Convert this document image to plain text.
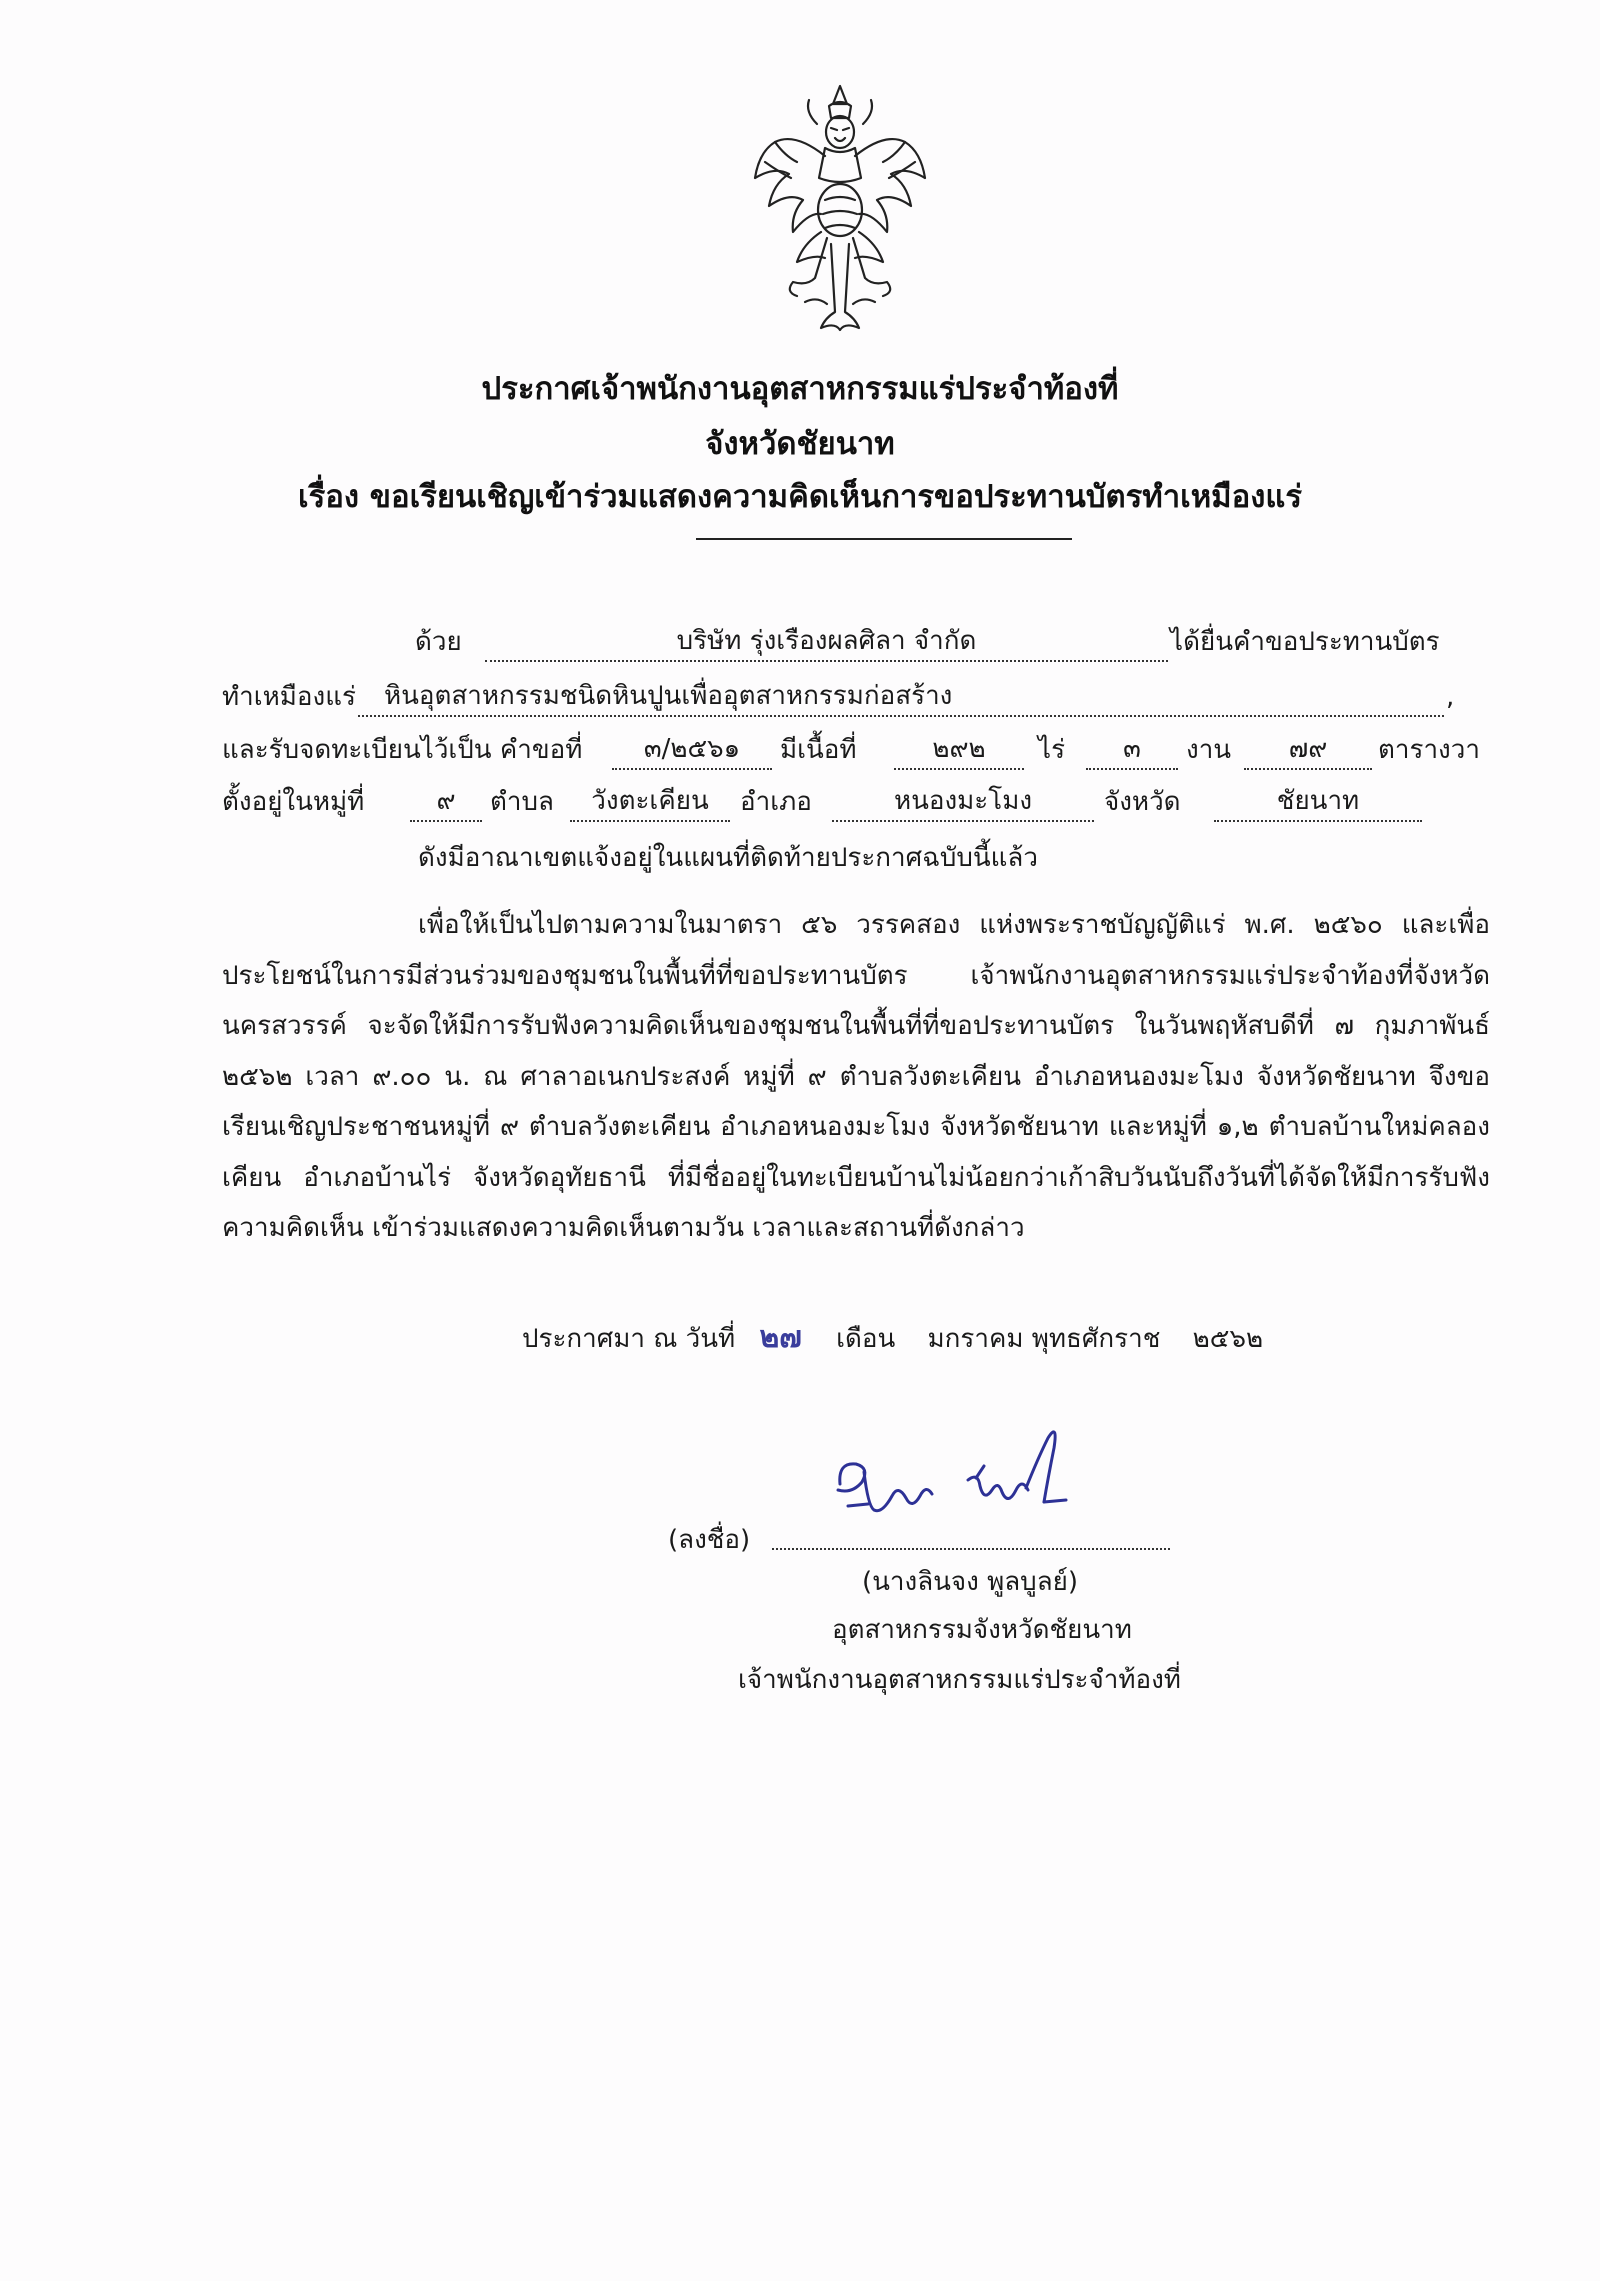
ประกาศเจ้าพนักงานอุตสาหกรรมแร่ประจำท้องที่
จังหวัดชัยนาท
เรื่อง ขอเรียนเชิญเข้าร่วมแสดงความคิดเห็นการขอประทานบัตรทำเหมืองแร่
ด้วย	บริษัท รุ่งเรืองผลศิลา จำกัด	ได้ยื่นคำขอประทานบัตร
ทำเหมืองแร่	หินอุตสาหกรรมชนิดหินปูนเพื่ออุตสาหกรรมก่อสร้าง	,
และรับจดทะเบียนไว้เป็น คำขอที่	๓/๒๕๖๑	มีเนื้อที่	๒๙๒	ไร่	๓	งาน	๗๙	ตารางวา
ตั้งอยู่ในหมู่ที่	๙	ตำบล	วังตะเคียน	อำเภอ	หนองมะโมง	จังหวัด	ชัยนาท
ดังมีอาณาเขตแจ้งอยู่ในแผนที่ติดท้ายประกาศฉบับนี้แล้ว

เพื่อให้เป็นไปตามความในมาตรา ๕๖ วรรคสอง แห่งพระราชบัญญัติแร่ พ.ศ. ๒๕๖๐ และเพื่อประโยชน์ในการมีส่วนร่วมของชุมชนในพื้นที่ที่ขอประทานบัตร เจ้าพนักงานอุตสาหกรรมแร่ประจำท้องที่จังหวัดนครสวรรค์ จะจัดให้มีการรับฟังความคิดเห็นของชุมชนในพื้นที่ที่ขอประทานบัตร ในวันพฤหัสบดีที่ ๗ กุมภาพันธ์ ๒๕๖๒ เวลา ๙.๐๐ น. ณ ศาลาอเนกประสงค์ หมู่ที่ ๙ ตำบลวังตะเคียน อำเภอหนองมะโมง จังหวัดชัยนาท จึงขอเรียนเชิญประชาชนหมู่ที่ ๙ ตำบลวังตะเคียน อำเภอหนองมะโมง จังหวัดชัยนาท และหมู่ที่ ๑,๒ ตำบลบ้านใหม่คลองเคียน อำเภอบ้านไร่ จังหวัดอุทัยธานี ที่มีชื่ออยู่ในทะเบียนบ้านไม่น้อยกว่าเก้าสิบวันนับถึงวันที่ได้จัดให้มีการรับฟังความคิดเห็น เข้าร่วมแสดงความคิดเห็นตามวัน เวลาและสถานที่ดังกล่าว

ประกาศมา ณ วันที่ ๒๗ เดือน มกราคม พุทธศักราช ๒๕๖๒
(ลงชื่อ)
(นางลินจง พูลบูลย์)
อุตสาหกรรมจังหวัดชัยนาท
เจ้าพนักงานอุตสาหกรรมแร่ประจำท้องที่
